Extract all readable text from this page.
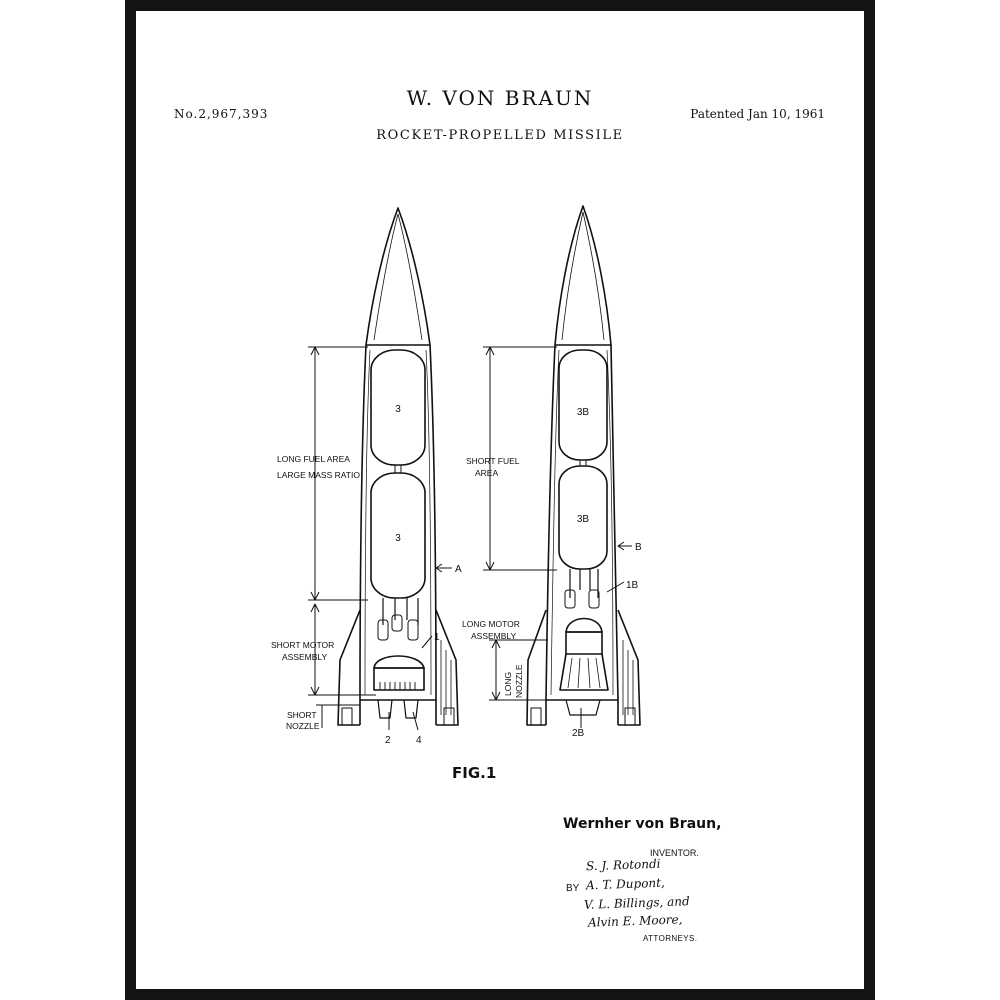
No.2,967,393
W. VON BRAUN
Patented Jan 10, 1961
ROCKET-PROPELLED MISSILE
3
3
LONG FUEL AREA
LARGE MASS RATIO
SHORT MOTOR
ASSEMBLY
SHORT
NOZZLE
A
1
2	4
3B
3B
SHORT FUEL
AREA
LONG MOTOR
ASSEMBLY
LONG NOZZLE
B
1B
2B
FIG.1
Wernher von Braun,
INVENTOR.
S. J. Rotondi
BY A. T. Dupont,
V. L. Billings, and
Alvin E. Moore,
ATTORNEYS.
